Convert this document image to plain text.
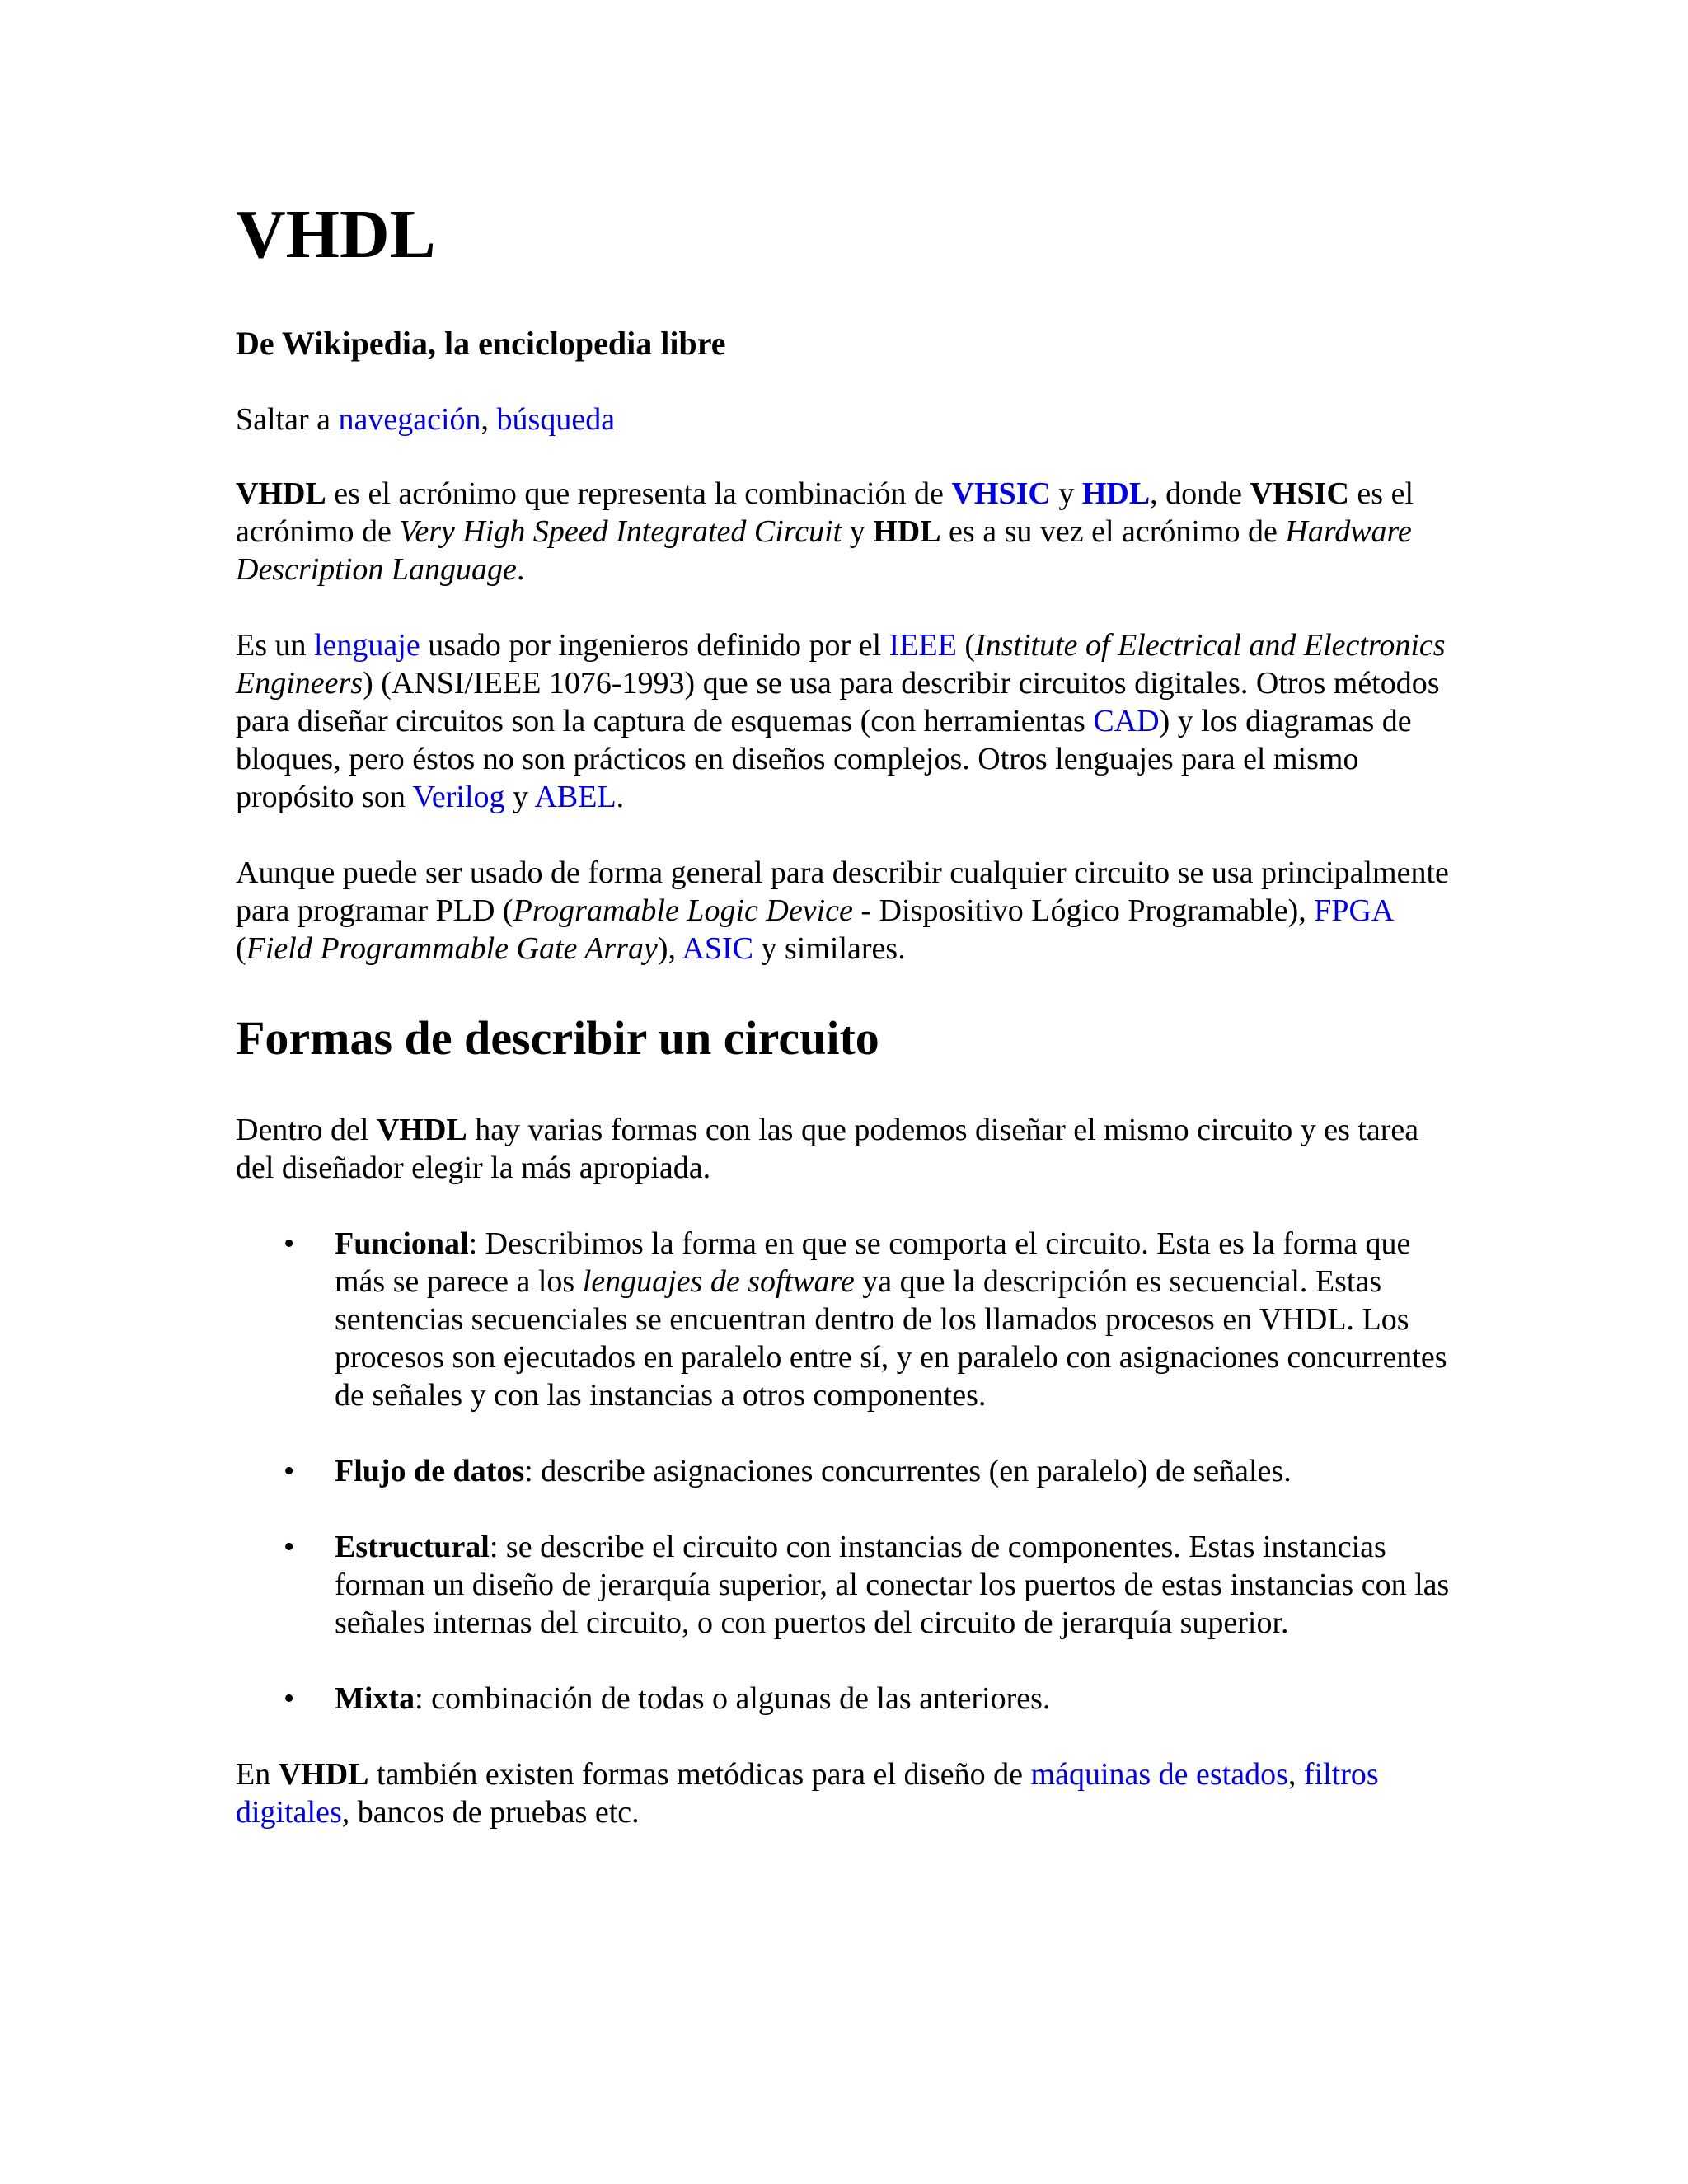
VHDL
De Wikipedia, la enciclopedia libre

Saltar a navegación, búsqueda

VHDL es el acrónimo que representa la combinación de VHSIC y HDL, donde VHSIC es el acrónimo de Very High Speed Integrated Circuit y HDL es a su vez el acrónimo de Hardware Description Language.

Es un lenguaje usado por ingenieros definido por el IEEE (Institute of Electrical and Electronics Engineers) (ANSI/IEEE 1076-1993) que se usa para describir circuitos digitales. Otros métodos para diseñar circuitos son la captura de esquemas (con herramientas CAD) y los diagramas de bloques, pero éstos no son prácticos en diseños complejos. Otros lenguajes para el mismo propósito son Verilog y ABEL.

Aunque puede ser usado de forma general para describir cualquier circuito se usa principalmente para programar PLD (Programable Logic Device - Dispositivo Lógico Programable), FPGA (Field Programmable Gate Array), ASIC y similares.

Formas de describir un circuito

Dentro del VHDL hay varias formas con las que podemos diseñar el mismo circuito y es tarea del diseñador elegir la más apropiada.

• Funcional: Describimos la forma en que se comporta el circuito. Esta es la forma que más se parece a los lenguajes de software ya que la descripción es secuencial. Estas sentencias secuenciales se encuentran dentro de los llamados procesos en VHDL. Los procesos son ejecutados en paralelo entre sí, y en paralelo con asignaciones concurrentes de señales y con las instancias a otros componentes.
• Flujo de datos: describe asignaciones concurrentes (en paralelo) de señales.
• Estructural: se describe el circuito con instancias de componentes. Estas instancias forman un diseño de jerarquía superior, al conectar los puertos de estas instancias con las señales internas del circuito, o con puertos del circuito de jerarquía superior.
• Mixta: combinación de todas o algunas de las anteriores.

En VHDL también existen formas metódicas para el diseño de máquinas de estados, filtros digitales, bancos de pruebas etc.
